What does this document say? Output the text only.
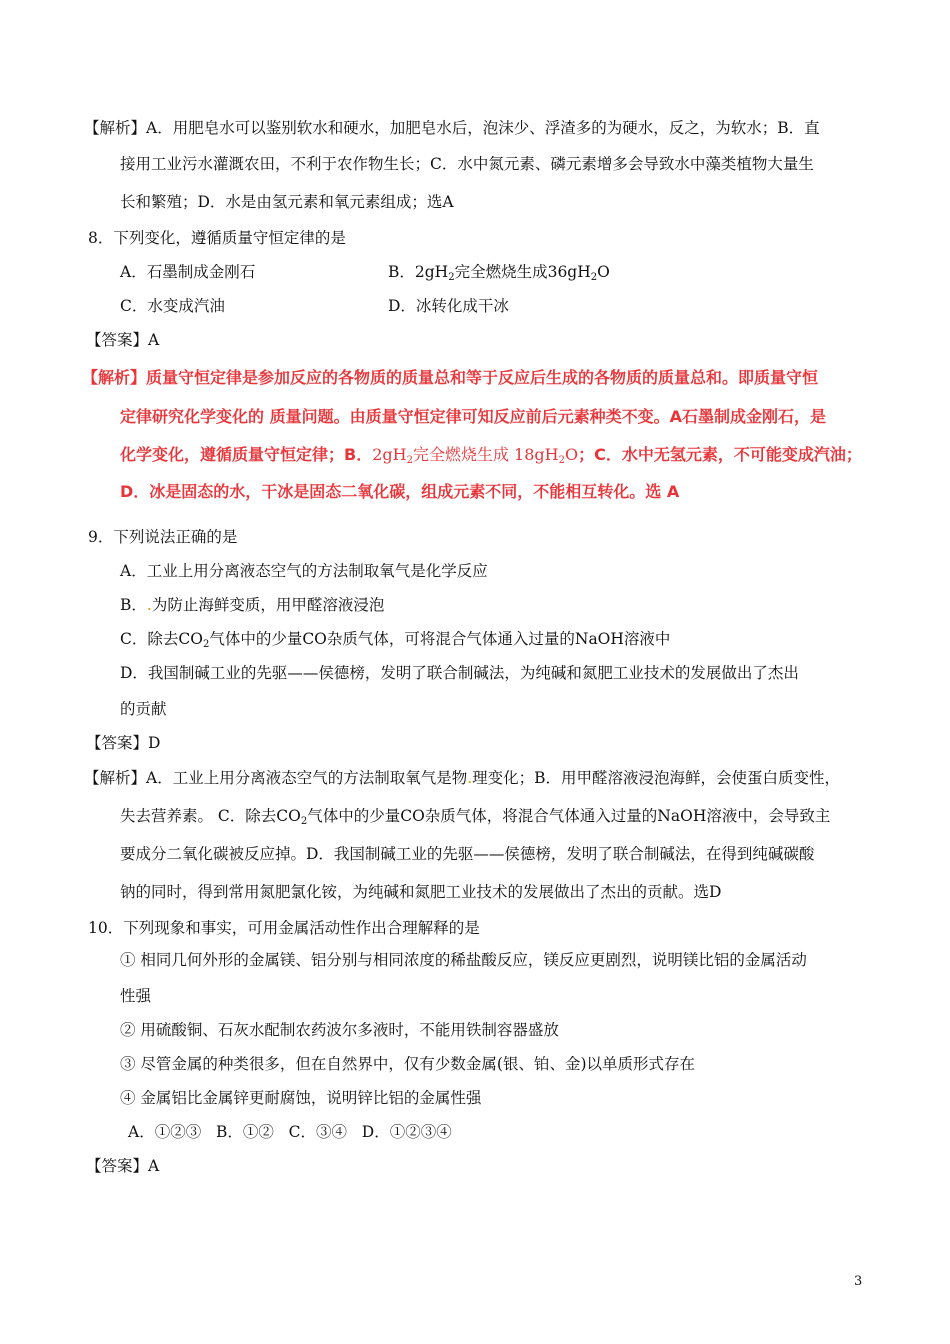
【解析】A．用肥皂水可以鉴别软水和硬水，加肥皂水后，泡沫少、浮渣多的为硬水，反之，为软水；B．直
接用工业污水灌溉农田，不利于农作物生长；C．水中氮元素、磷元素增多会导致水中藻类植物大量生
长和繁殖；D．水是由氢元素和氧元素组成；选A
8．下列变化，遵循质量守恒定律的是
A．石墨制成金刚石	B．$2gH_2$完全燃烧生成$36gH_2O$
C．水变成汽油	D．冰转化成干冰
【答案】A
【解析】质量守恒定律是参加反应的各物质的质量总和等于反应后生成的各物质的质量总和。即质量守恒
定律研究化学变化的 质量问题。由质量守恒定律可知反应前后元素种类不变。A石墨制成金刚石，是
化学变化，遵循质量守恒定律；B．$2gH_2$完全燃烧生成 $18gH_2O$；C．水中无氢元素，不可能变成汽油；
D．冰是固态的水，干冰是固态二氧化碳，组成元素不同，不能相互转化。选 A
9．下列说法正确的是
A．工业上用分离液态空气的方法制取氧气是化学反应
B．.为防止海鲜变质，用甲醛溶液浸泡
C．除去$CO_2$气体中的少量CO杂质气体，可将混合气体通入过量的NaOH溶液中
D．我国制碱工业的先驱——侯德榜，发明了联合制碱法，为纯碱和氮肥工业技术的发展做出了杰出
的贡献
【答案】D
【解析】A．工业上用分离液态空气的方法制取氧气是物.理变化；B．用甲醛溶液浸泡海鲜，会使蛋白质变性，
失去营养素。 C．除去$CO_2$气体中的少量CO杂质气体，将混合气体通入过量的NaOH溶液中，会导致主
要成分二氧化碳被反应掉。D．我国制碱工业的先驱——侯德榜，发明了联合制碱法，在得到纯碱碳酸
钠的同时，得到常用氮肥氯化铵，为纯碱和氮肥工业技术的发展做出了杰出的贡献。选D
10．下列现象和事实，可用金属活动性作出合理解释的是
① 相同几何外形的金属镁、铝分别与相同浓度的稀盐酸反应，镁反应更剧烈，说明镁比铝的金属活动
性强
② 用硫酸铜、石灰水配制农药波尔多液时，不能用铁制容器盛放
③ 尽管金属的种类很多，但在自然界中，仅有少数金属(银、铂、金)以单质形式存在
④ 金属铝比金属锌更耐腐蚀，说明锌比铝的金属性强
A．①②③   B．①②   C．③④   D．①②③④
【答案】A
3
